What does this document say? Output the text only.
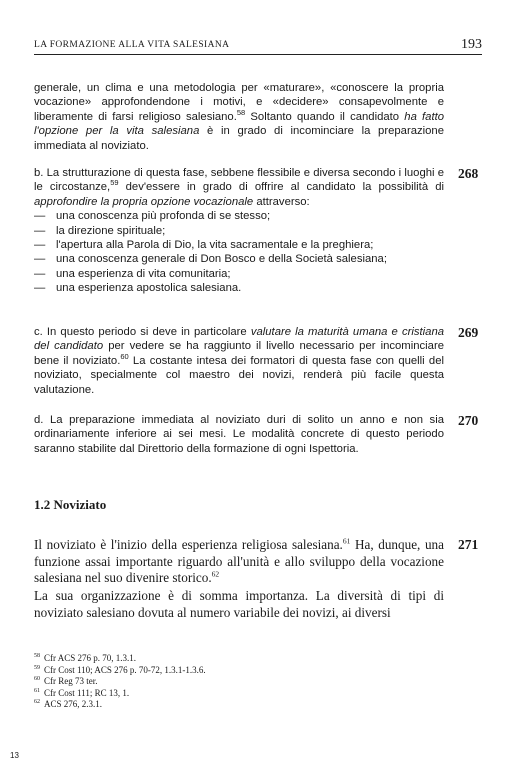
LA FORMAZIONE ALLA VITA SALESIANA	193

generale, un clima e una metodologia per «maturare», «conoscere la propria vocazione» approfondendone i motivi, e «decidere» consapevolmente e liberamente di farsi religioso salesiano.$^{58}$ Soltanto quando il candidato ha fatto l'opzione per la vita salesiana è in grado di incominciare la preparazione immediata al noviziato.

268
b. La strutturazione di questa fase, sebbene flessibile e diversa secondo i luoghi e le circostanze,$^{59}$ dev'essere in grado di offrire al candidato la possibilità di approfondire la propria opzione vocazionale attraverso:
— una conoscenza più profonda di se stesso;
— la direzione spirituale;
— l'apertura alla Parola di Dio, la vita sacramentale e la preghiera;
— una conoscenza generale di Don Bosco e della Società salesiana;
— una esperienza di vita comunitaria;
— una esperienza apostolica salesiana.
269

c. In questo periodo si deve in particolare valutare la maturità umana e cristiana del candidato per vedere se ha raggiunto il livello necessario per incominciare bene il noviziato.$^{60}$ La costante intesa dei formatori di questa fase con quelli del noviziato, specialmente col maestro dei novizi, renderà più facile questa valutazione.

270

d. La preparazione immediata al noviziato duri di solito un anno e non sia ordinariamente inferiore ai sei mesi. Le modalità concrete di questo periodo saranno stabilite dal Direttorio della formazione di ogni Ispettoria.

1.2 Noviziato
271

Il noviziato è l'inizio della esperienza religiosa salesiana.$^{61}$ Ha, dunque, una funzione assai importante riguardo all'unità e allo sviluppo della vocazione salesiana nel suo divenire storico.$^{62}$

La sua organizzazione è di somma importanza. La diversità di tipi di noviziato salesiano dovuta al numero variabile dei novizi, ai diversi

$^{58}$ Cfr ACS 276 p. 70, 1.3.1.
$^{59}$ Cfr Cost 110; ACS 276 p. 70-72, 1.3.1-1.3.6.
$^{60}$ Cfr Reg 73 ter.
$^{61}$ Cfr Cost 111; RC 13, 1.
$^{62}$ ACS 276, 2.3.1.
13
